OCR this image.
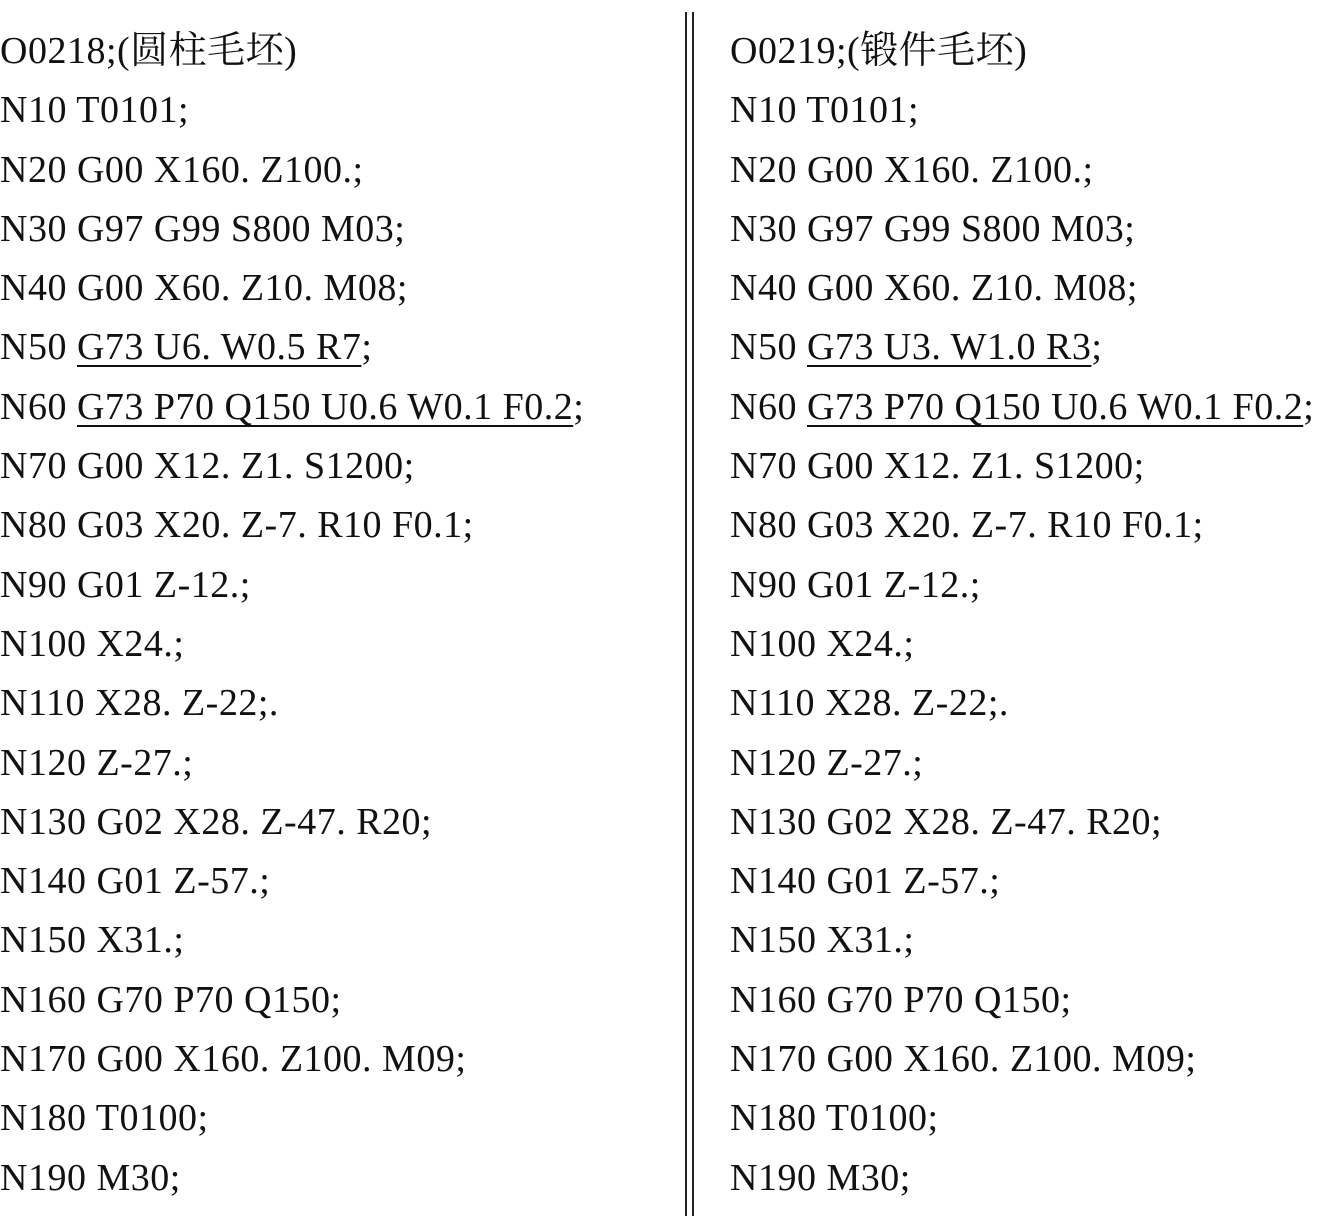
O0218;(圆柱毛坯)
N10 T0101;
N20 G00 X160. Z100.;
N30 G97 G99 S800 M03;
N40 G00 X60. Z10. M08;
N50 G73 U6. W0.5 R7;
N60 G73 P70 Q150 U0.6 W0.1 F0.2;
N70 G00 X12. Z1. S1200;
N80 G03 X20. Z-7. R10 F0.1;
N90 G01 Z-12.;
N100 X24.;
N110 X28. Z-22;.
N120 Z-27.;
N130 G02 X28. Z-47. R20;
N140 G01 Z-57.;
N150 X31.;
N160 G70 P70 Q150;
N170 G00 X160. Z100. M09;
N180 T0100;
N190 M30;
O0219;(锻件毛坯)
N10 T0101;
N20 G00 X160. Z100.;
N30 G97 G99 S800 M03;
N40 G00 X60. Z10. M08;
N50 G73 U3. W1.0 R3;
N60 G73 P70 Q150 U0.6 W0.1 F0.2;
N70 G00 X12. Z1. S1200;
N80 G03 X20. Z-7. R10 F0.1;
N90 G01 Z-12.;
N100 X24.;
N110 X28. Z-22;.
N120 Z-27.;
N130 G02 X28. Z-47. R20;
N140 G01 Z-57.;
N150 X31.;
N160 G70 P70 Q150;
N170 G00 X160. Z100. M09;
N180 T0100;
N190 M30;
